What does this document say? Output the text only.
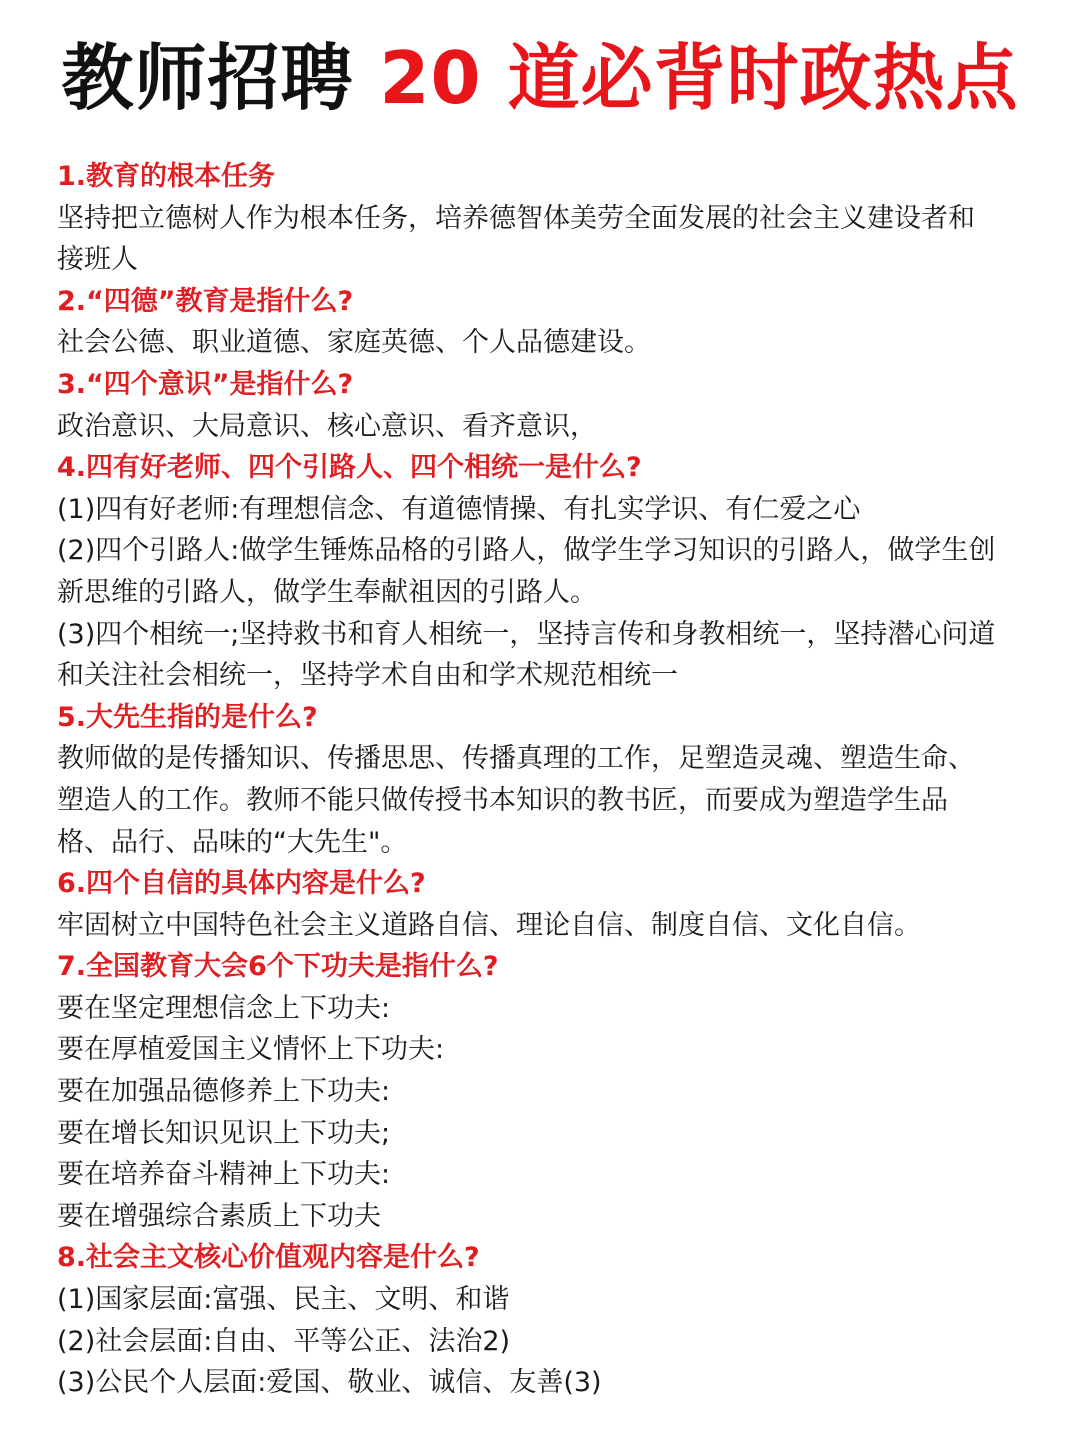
教师招聘 20 道必背时政热点
1.教育的根本任务
坚持把立德树人作为根本任务，培养德智体美劳全面发展的社会主义建设者和
接班人
2.“四德”教育是指什么?
社会公德、职业道德、家庭英德、个人品德建设。
3.“四个意识”是指什么?
政治意识、大局意识、核心意识、看齐意识，
4.四有好老师、四个引路人、四个相统一是什么?
(1)四有好老师:有理想信念、有道德情操、有扎实学识、有仁爱之心
(2)四个引路人:做学生锤炼品格的引路人，做学生学习知识的引路人，做学生创
新思维的引路人，做学生奉献祖因的引路人。
(3)四个相统一;坚持救书和育人相统一，坚持言传和身教相统一，坚持潜心问道
和关注社会相统一，坚持学术自由和学术规范相统一
5.大先生指的是什么?
教师做的是传播知识、传播思思、传播真理的工作，足塑造灵魂、塑造生命、
塑造人的工作。教师不能只做传授书本知识的教书匠，而要成为塑造学生品
格、品行、品味的“大先生"。
6.四个自信的具体内容是什么?
牢固树立中国特色社会主义道路自信、理论自信、制度自信、文化自信。
7.全国教育大会6个下功夫是指什么?
要在坚定理想信念上下功夫:
要在厚植爱国主义情怀上下功夫:
要在加强品德修养上下功夫:
要在增长知识见识上下功夫;
要在培养奋斗精神上下功夫:
要在增强综合素质上下功夫
8.社会主文核心价值观内容是什么?
(1)国家层面:富强、民主、文明、和谐
(2)社会层面:自由、平等公正、法治2)
(3)公民个人层面:爱国、敬业、诚信、友善(3)
